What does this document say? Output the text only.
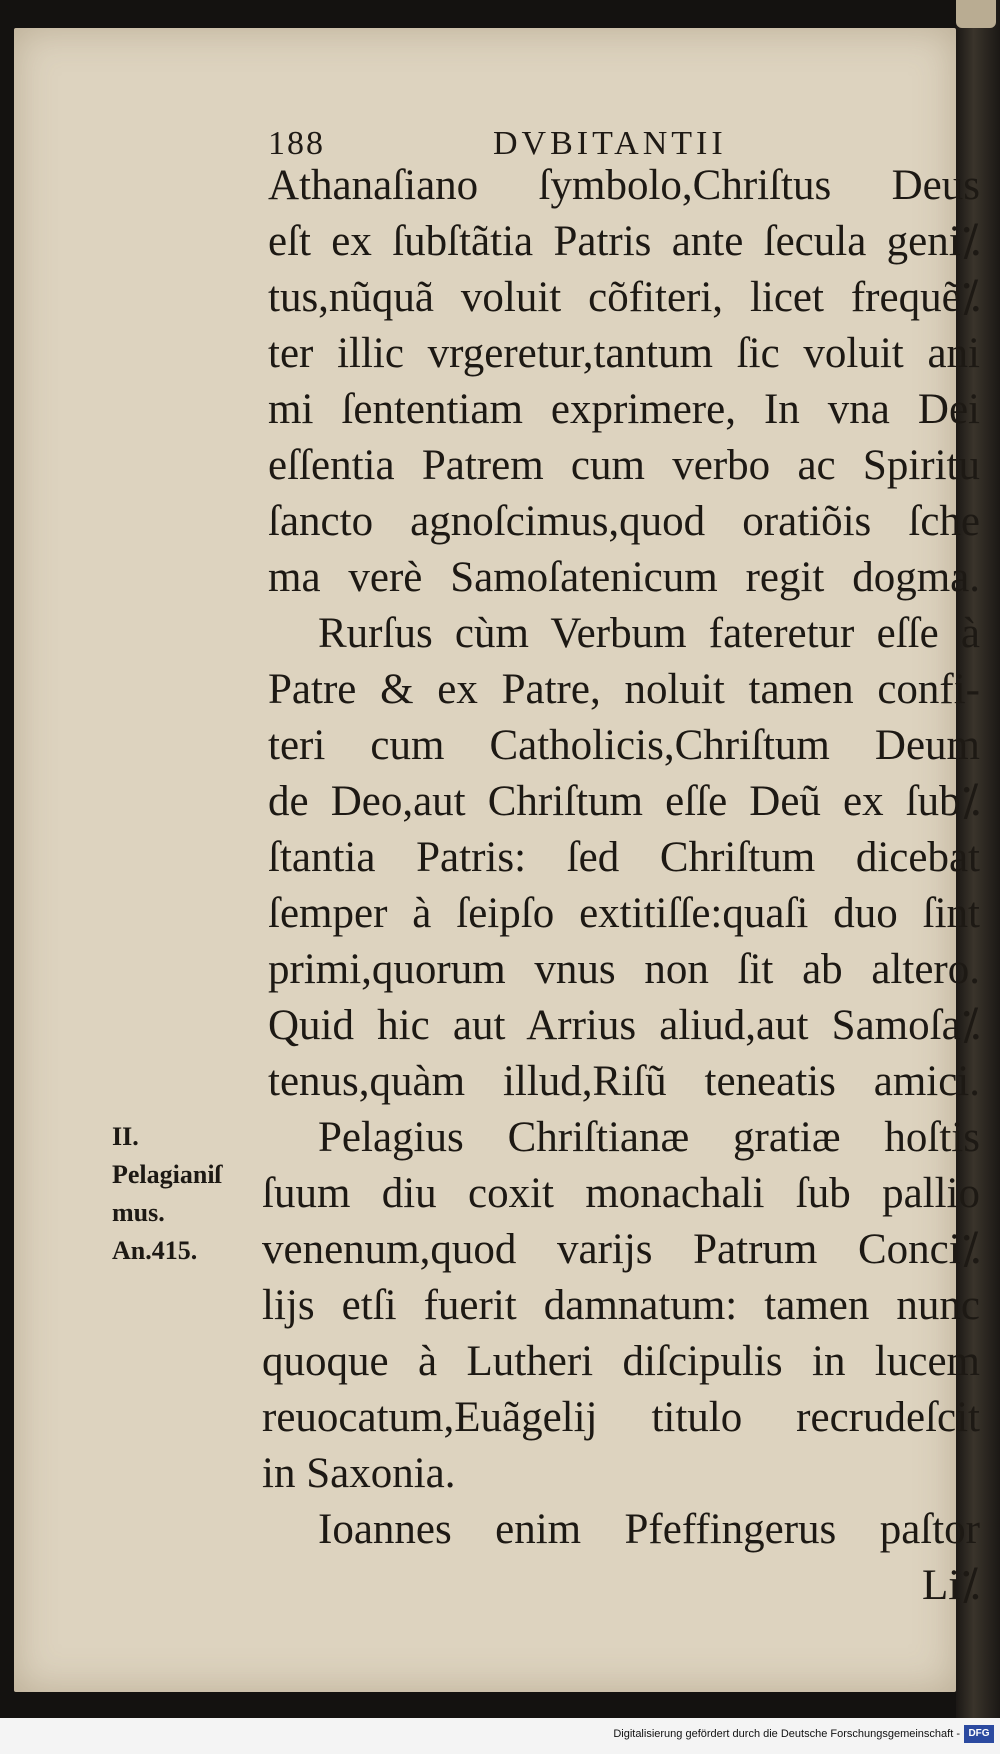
188	DVBITANTII
Athanaſiano ſymbolo,Chriſtus Deus
eſt ex ſubſtãtia Patris ante ſecula geni⁒
tus,nũquã voluit cõfiteri, licet frequẽ⁒
ter illic vrgeretur,tantum ſic voluit ani
mi ſententiam exprimere, In vna Dei
eſſentia Patrem cum verbo ac Spiritu
ſancto agnoſcimus,quod oratiõis ſche
ma verè Samoſatenicum regit dogma.
Rurſus cùm Verbum fateretur eſſe à
Patre & ex Patre, noluit tamen confi-
teri cum Catholicis,Chriſtum Deum
de Deo,aut Chriſtum eſſe Deũ ex ſub⁒
ſtantia Patris: ſed Chriſtum dicebat
ſemper à ſeipſo extitiſſe:quaſi duo ſint
primi,quorum vnus non ſit ab altero.
Quid hic aut Arrius aliud,aut Samoſa⁒
tenus,quàm illud,Riſũ teneatis amici.
Pelagius Chriſtianæ gratiæ hoſtis
ſuum diu coxit monachali ſub pallio
venenum,quod varijs Patrum Conci⁒
lijs etſi fuerit damnatum: tamen nunc
quoque à Lutheri diſcipulis in lucem
reuocatum,Euãgelij titulo recrudeſcit
in Saxonia.
Ioannes enim Pfeffingerus paſtor
Li⁒
II.
Pelagianiſ
mus.
An.415.
Digitalisierung gefördert durch die Deutsche Forschungsgemeinschaft - DFG
